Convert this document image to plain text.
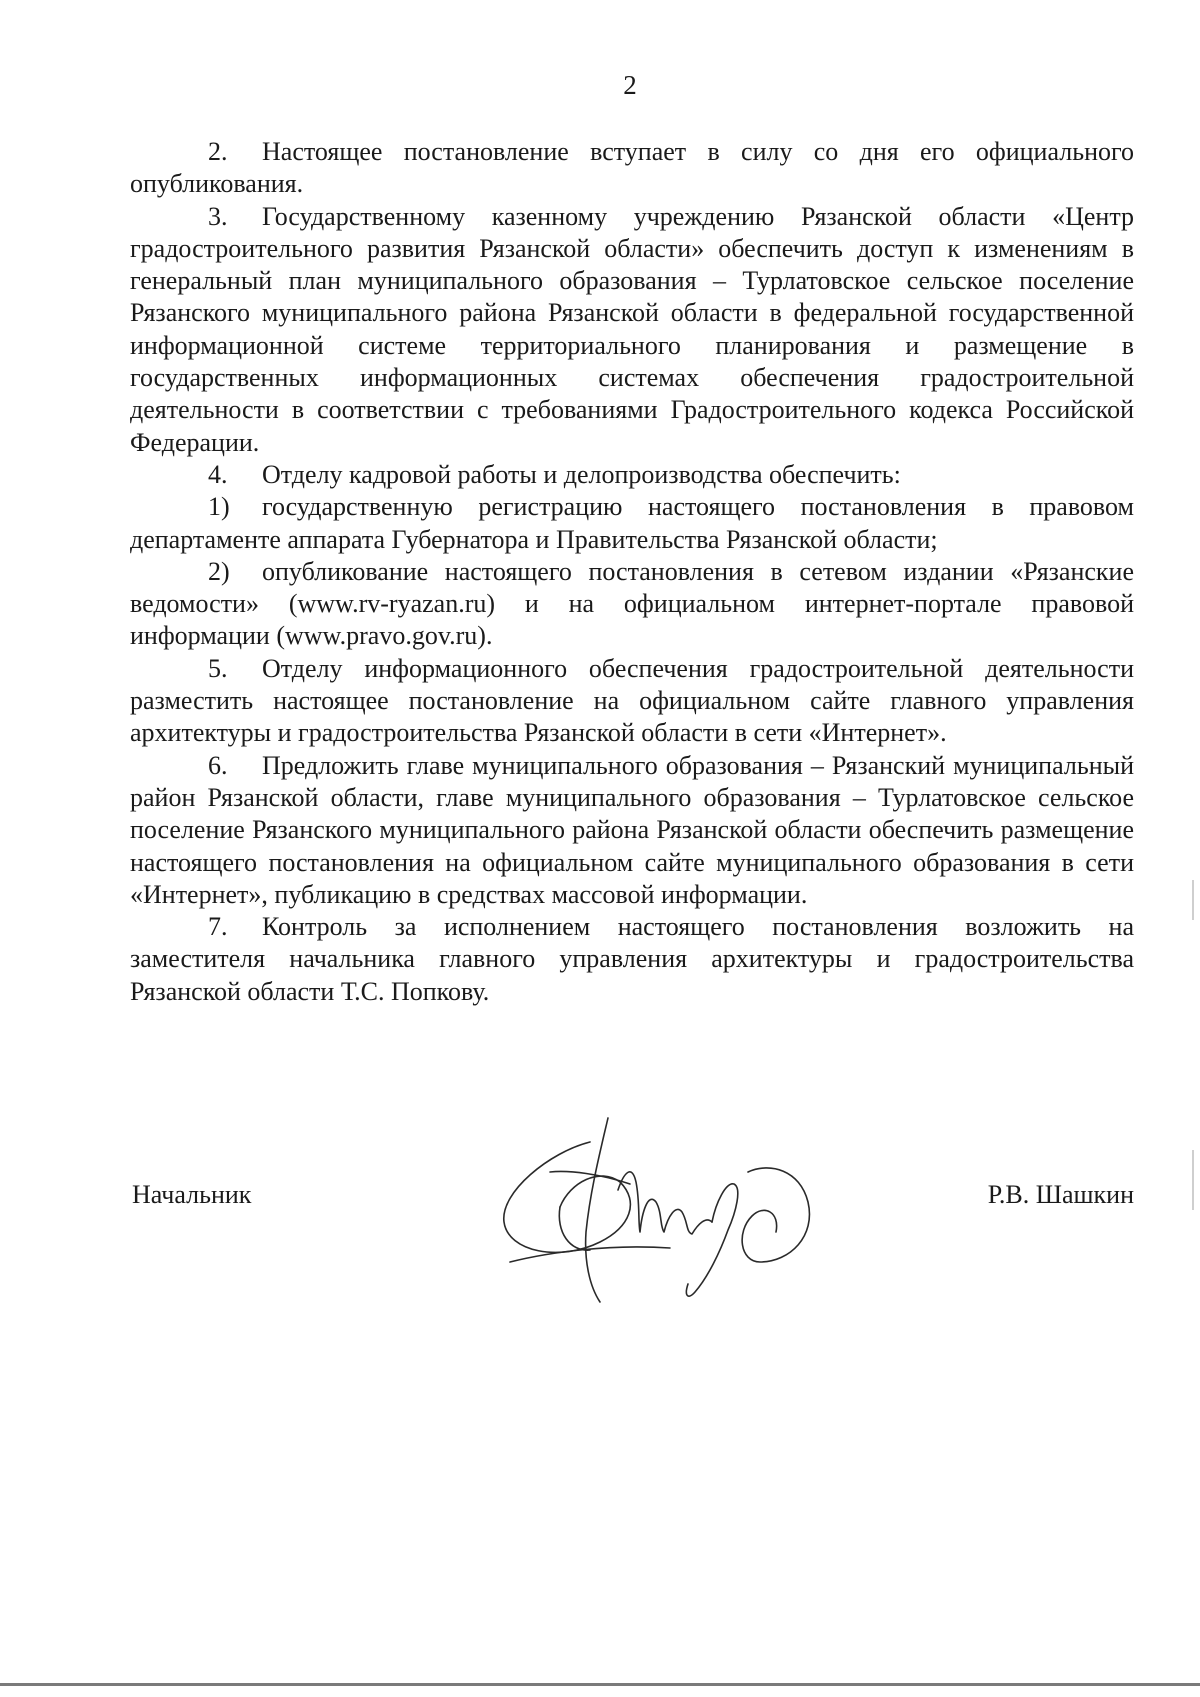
2

2. Настоящее постановление вступает в силу со дня его официального опубликования.

3. Государственному казенному учреждению Рязанской области «Центр градостроительного развития Рязанской области» обеспечить доступ к изменениям в генеральный план муниципального образования – Турлатовское сельское поселение Рязанского муниципального района Рязанской области в федеральной государственной информационной системе территориального планирования и размещение в государственных информационных системах обеспечения градостроительной деятельности в соответствии с требованиями Градостроительного кодекса Российской Федерации.

4. Отделу кадровой работы и делопроизводства обеспечить:

1) государственную регистрацию настоящего постановления в правовом департаменте аппарата Губернатора и Правительства Рязанской области;

2) опубликование настоящего постановления в сетевом издании «Рязанские ведомости» (www.rv-ryazan.ru) и на официальном интернет-портале правовой информации (www.pravo.gov.ru).

5. Отделу информационного обеспечения градостроительной деятельности разместить настоящее постановление на официальном сайте главного управления архитектуры и градостроительства Рязанской области в сети «Интернет».

6. Предложить главе муниципального образования – Рязанский муниципальный район Рязанской области, главе муниципального образования – Турлатовское сельское поселение Рязанского муниципального района Рязанской области обеспечить размещение настоящего постановления на официальном сайте муниципального образования в сети «Интернет», публикацию в средствах массовой информации.

7. Контроль за исполнением настоящего постановления возложить на заместителя начальника главного управления архитектуры и градостроительства Рязанской области Т.С. Попкову.

Начальник	Р.В. Шашкин
